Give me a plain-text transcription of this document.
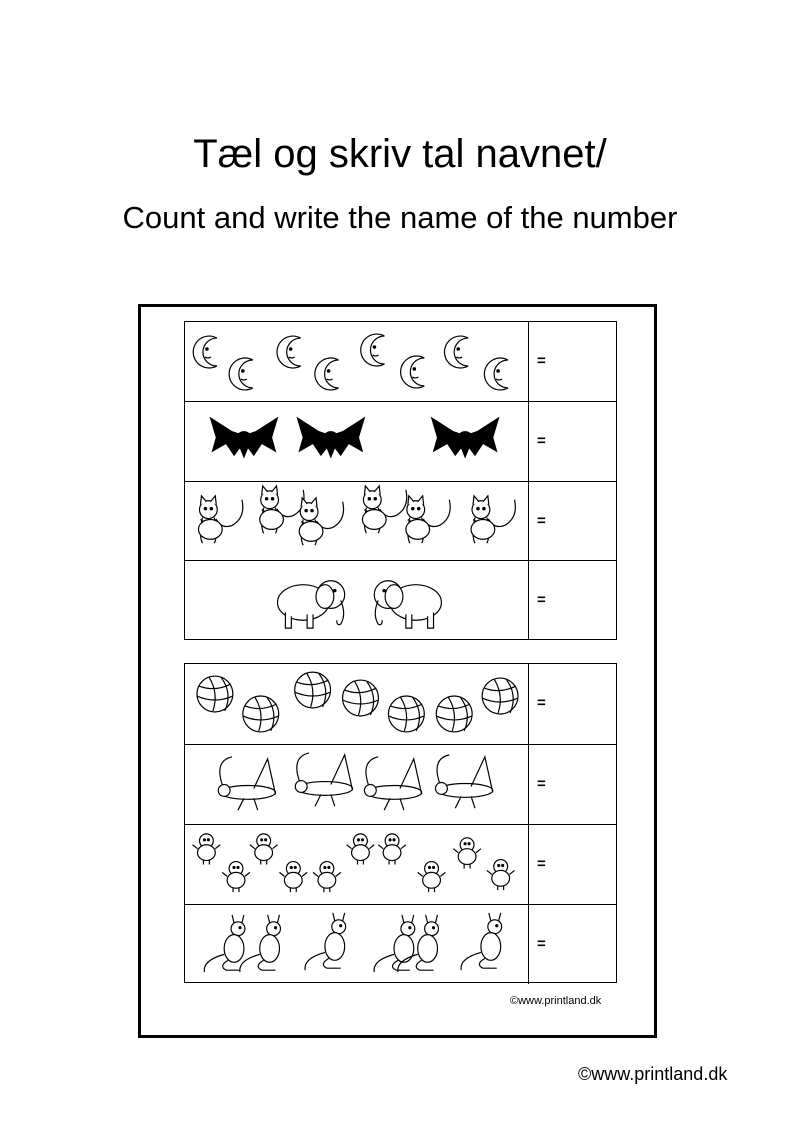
Tæl og skriv tal navnet/
Count and write the name of the number
=
=
=
=
=
=
=
=
©www.printland.dk
©www.printland.dk
